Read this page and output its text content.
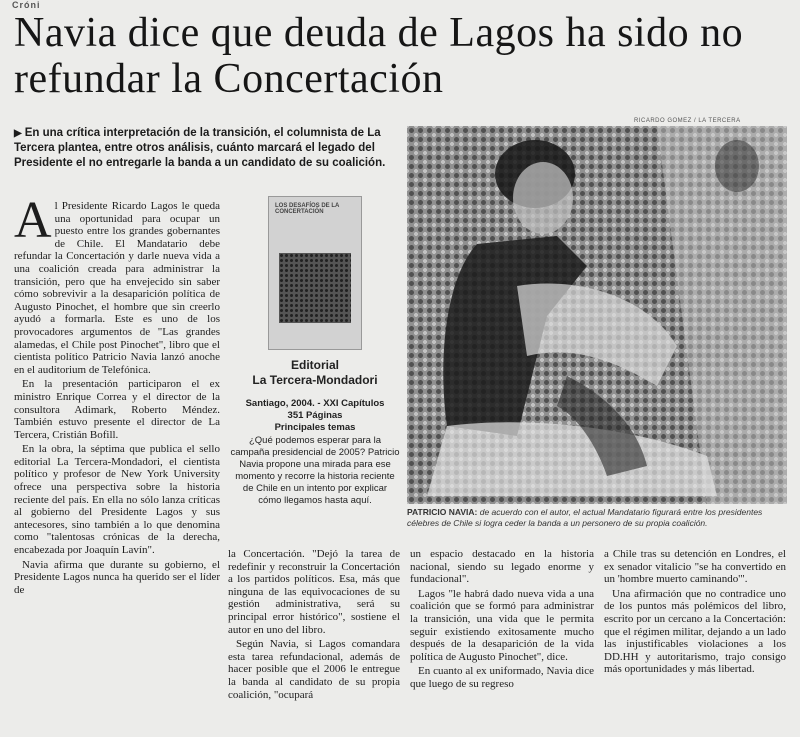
Cróni
Navia dice que deuda de Lagos ha sido no refundar la Concertación
▶ En una crítica interpretación de la transición, el columnista de La Tercera plantea, entre otros análisis, cuánto marcará el legado del Presidente el no entregarle la banda a un candidato de su coalición.
RICARDO GOMEZ / LA TERCERA
PATRICIO NAVIA: de acuerdo con el autor, el actual Mandatario figurará entre los presidentes célebres de Chile si logra ceder la banda a un personero de su propia coalición.

Al Presidente Ricardo Lagos le queda una oportunidad para ocupar un puesto entre los grandes gobernantes de Chile. El Mandatario debe refundar la Concertación y darle nueva vida a una coalición creada para administrar la transición, pero que ha envejecido sin saber cómo sobrevivir a la desaparición política de Augusto Pinochet, el hombre que sin creerlo ayudó a formarla. Este es uno de los provocadores argumentos de "Las grandes alamedas, el Chile post Pinochet", libro que el cientista político Patricio Navia lanzó anoche en el auditorium de Telefónica.

En la presentación participaron el ex ministro Enrique Correa y el director de la consultora Adimark, Roberto Méndez. También estuvo presente el director de La Tercera, Cristián Bofill.

En la obra, la séptima que publica el sello editorial La Tercera-Mondadori, el cientista político y profesor de New York University ofrece una perspectiva sobre la historia reciente del país. En ella no sólo lanza críticas al gobierno del Presidente Lagos y sus antecesores, sino también a lo que denomina como "talentosas crónicas de la derecha, encabezada por Joaquín Lavín".

Navia afirma que durante su gobierno, el Presidente Lagos nunca ha querido ser el líder de

LOS DESAFÍOS DE LA CONCERTACIÓN
Editorial
La Tercera-Mondadori
Santiago, 2004. - XXI Capítulos
351 Páginas
Principales temas
¿Qué podemos esperar para la campaña presidencial de 2005? Patricio Navia propone una mirada para ese momento y recorre la historia reciente de Chile en un intento por explicar cómo llegamos hasta aquí.

la Concertación. "Dejó la tarea de redefinir y reconstruir la Concertación a los partidos políticos. Esa, más que ninguna de las equivocaciones de su gestión administrativa, será su principal error histórico", sostiene el autor en uno del libro.

Según Navia, si Lagos comandara esta tarea refundacional, además de hacer posible que el 2006 le entregue la banda al candidato de su propia coalición, "ocupará

un espacio destacado en la historia nacional, siendo su legado enorme y fundacional".

Lagos "le habrá dado nueva vida a una coalición que se formó para administrar la transición, una vida que le permita seguir existiendo exitosamente mucho después de la desaparición de la vida política de Augusto Pinochet", dice.

En cuanto al ex uniformado, Navia dice que luego de su regreso

a Chile tras su detención en Londres, el ex senador vitalicio "se ha convertido en un 'hombre muerto caminando'".

Una afirmación que no contradice uno de los puntos más polémicos del libro, escrito por un cercano a la Concertación: que el régimen militar, dejando a un lado las injustificables violaciones a los DD.HH y autoritarismo, trajo consigo más oportunidades y más libertad.
